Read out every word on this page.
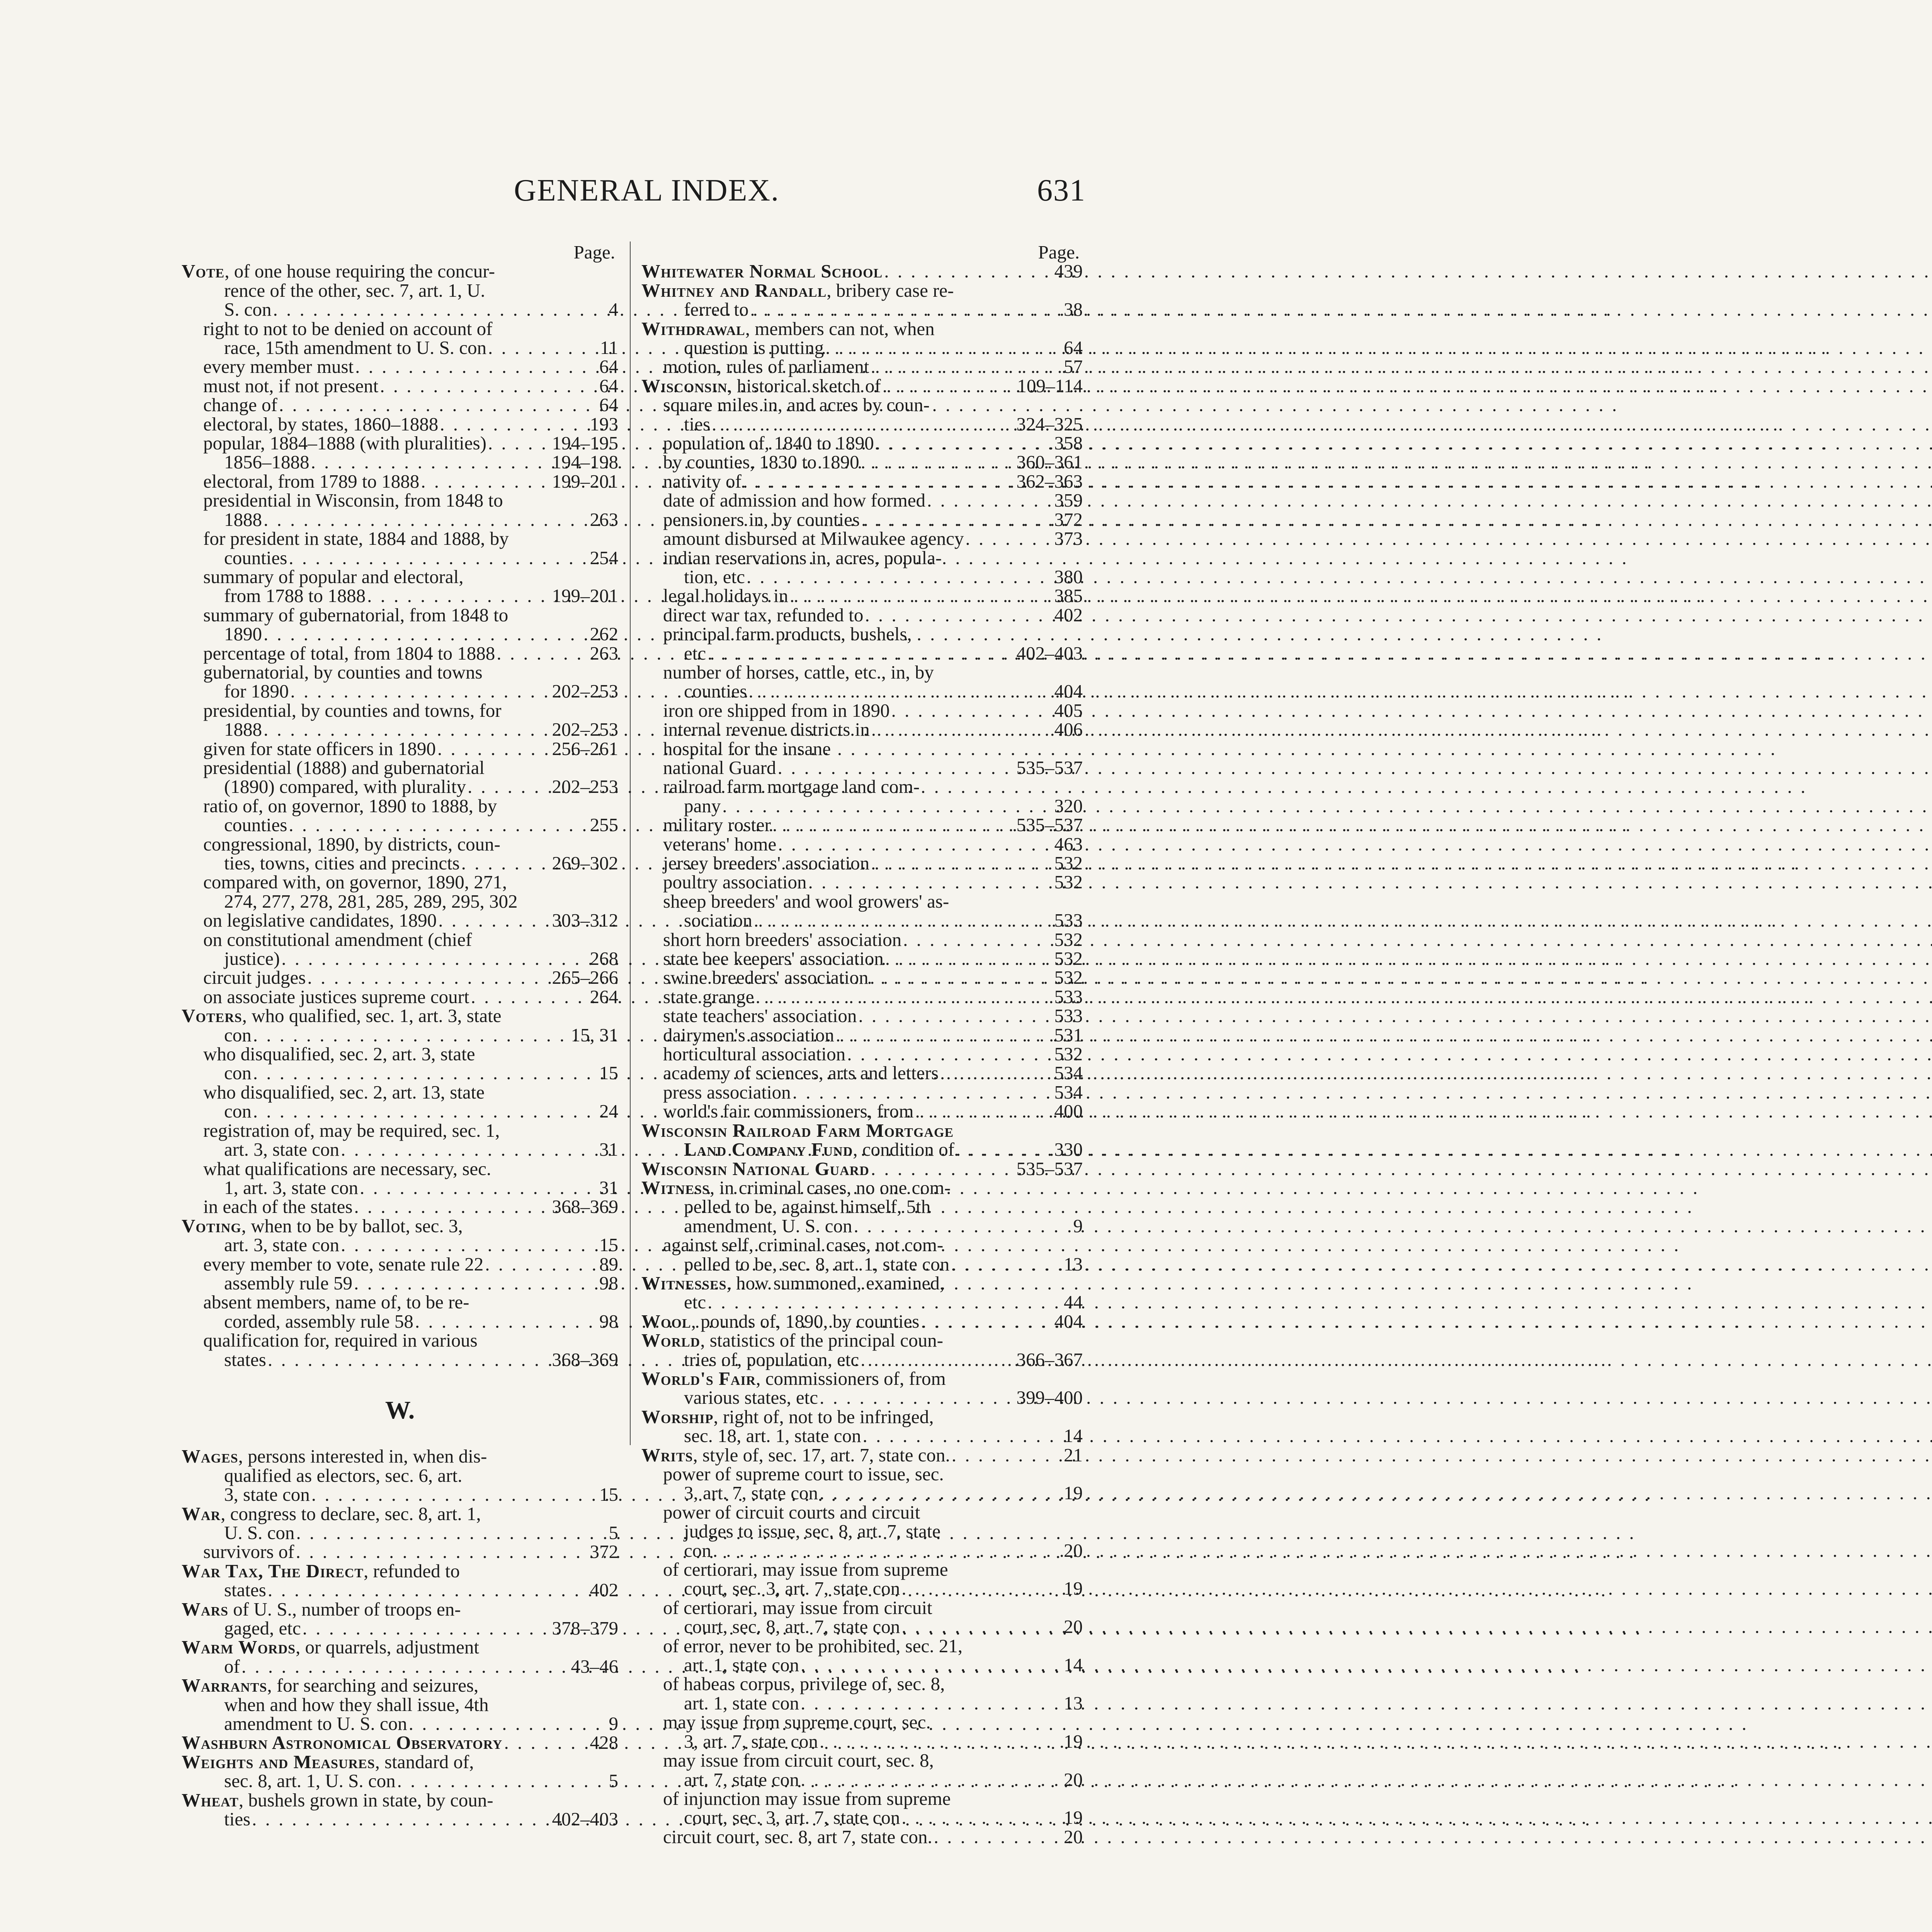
GENERAL INDEX.	631
Page.
Vote, of one house requiring the concur-
rence of the other, sec. 7, art. 1, U.
S. con . . .	4
right to not to be denied on account of
race, 15th amendment to U. S. con . . .	11
every member must . . .	64
must not, if not present . . .	64
change of . . .	64
electoral, by states, 1860–1888 . . .	193
popular, 1884–1888 (with pluralities) . . .	194–195
1856–1888 . . .	194–198
electoral, from 1789 to 1888 . . .	199–201
presidential in Wisconsin, from 1848 to
1888 . . .	263
for president in state, 1884 and 1888, by
counties . . .	254
summary of popular and electoral,
from 1788 to 1888 . . .	199–201
summary of gubernatorial, from 1848 to
1890 . . .	262
percentage of total, from 1804 to 1888 . . .	263
gubernatorial, by counties and towns
for 1890 . . .	202–253
presidential, by counties and towns, for
1888 . . .	202–253
given for state officers in 1890 . . .	256–261
presidential (1888) and gubernatorial
(1890) compared, with plurality . . .	202–253
ratio of, on governor, 1890 to 1888, by
counties . . .	255
congressional, 1890, by districts, coun-
ties, towns, cities and precincts . . .	269–302
compared with, on governor, 1890, 271,
274, 277, 278, 281, 285, 289, 295, 302
on legislative candidates, 1890 . . .	303–312
on constitutional amendment (chief
justice) . . .	268
circuit judges . . .	265–266
on associate justices supreme court . . .	264
Voters, who qualified, sec. 1, art. 3, state
con . . .	15, 31
who disqualified, sec. 2, art. 3, state
con . . .	15
who disqualified, sec. 2, art. 13, state
con . . .	24
registration of, may be required, sec. 1,
art. 3, state con . . .	31
what qualifications are necessary, sec.
1, art. 3, state con . . .	31
in each of the states . . .	368–369
Voting, when to be by ballot, sec. 3,
art. 3, state con . . .	15
every member to vote, senate rule 22 . . .	89
assembly rule 59 . . .	98
absent members, name of, to be re-
corded, assembly rule 58 . . .	98
qualification for, required in various
states . . .	368–369
W.
Wages, persons interested in, when dis-
qualified as electors, sec. 6, art.
3, state con . . .	15
War, congress to declare, sec. 8, art. 1,
U. S. con . . .	5
survivors of . . .	372
War Tax, The Direct, refunded to
states . . .	402
Wars of U. S., number of troops en-
gaged, etc . . .	378–379
Warm Words, or quarrels, adjustment
of . . .	43–46
Warrants, for searching and seizures,
when and how they shall issue, 4th
amendment to U. S. con . . .	9
Washburn Astronomical Observatory . . .	428
Weights and Measures, standard of,
sec. 8, art. 1, U. S. con . . .	5
Wheat, bushels grown in state, by coun-
ties . . .	402–403
Page.
Whitewater Normal School . . .	439
Whitney and Randall, bribery case re-
ferred to . . .	38
Withdrawal, members can not, when
question is putting . . .	64
motion, rules of parliament . . .	57
Wisconsin, historical sketch of . . .	109–114
square miles in, and acres by coun-
ties . . .	324–325
population of, 1840 to 1890 . . .	358
by counties, 1830 to 1890 . . .	360–361
nativity of . . .	362–363
date of admission and how formed . . .	359
pensioners in, by counties . . .	372
amount disbursed at Milwaukee agency . . .	373
indian reservations in, acres, popula-
tion, etc . . .	380
legal holidays in . . .	385
direct war tax, refunded to . . .	402
principal farm products, bushels,
etc . . .	402–403
number of horses, cattle, etc., in, by
counties . . .	404
iron ore shipped from in 1890 . . .	405
internal revenue districts in . . .	406
hospital for the insane
national Guard . . .	535–537
railroad farm mortgage land com-
pany . . .	320
military roster . . .	535–537
veterans' home . . .	463
jersey breeders' association . . .	532
poultry association . . .	532
sheep breeders' and wool growers' as-
sociation . . .	533
short horn breeders' association . . .	532
state bee keepers' association . . .	532
swine breeders' association . . .	532
state grange . . .	533
state teachers' association . . .	533
dairymen's association . . .	531
horticultural association . . .	532
academy of sciences, arts and letters . . .	534
press association . . .	534
world's fair commissioners, from . . .	400
Wisconsin Railroad Farm Mortgage
Land Company Fund, condition of . . .	330
Wisconsin National Guard . . .	535–537
Witness, in criminal cases, no one com-
pelled to be, against himself, 5th
amendment, U. S. con . . .	9
against self, criminal cases, not com-
pelled to be, sec. 8, art. 1, state con . . .	13
Witnesses, how summoned, examined,
etc . . .	44
Wool, pounds of, 1890, by counties . . .	404
World, statistics of the principal coun-
tries of, population, etc . . .	366–367
World's Fair, commissioners of, from
various states, etc . . .	399–400
Worship, right of, not to be infringed,
sec. 18, art. 1, state con . . .	14
Writs, style of, sec. 17, art. 7, state con. . . .	21
power of supreme court to issue, sec.
3, art. 7, state con . . .	19
power of circuit courts and circuit
judges to issue, sec. 8, art. 7, state
con . . .	20
of certiorari, may issue from supreme
court, sec. 3, art. 7, state con . . .	19
of certiorari, may issue from circuit
court, sec. 8, art. 7, state con . . .	20
of error, never to be prohibited, sec. 21,
art. 1, state con . . .	14
of habeas corpus, privilege of, sec. 8,
art. 1, state con . . .	13
may issue from supreme court, sec.
3, art. 7, state con . . .	19
may issue from circuit court, sec. 8,
art. 7, state con . . .	20
of injunction may issue from supreme
court, sec. 3, art. 7, state con . . .	19
circuit court, sec. 8, art 7, state con. . . .	20
